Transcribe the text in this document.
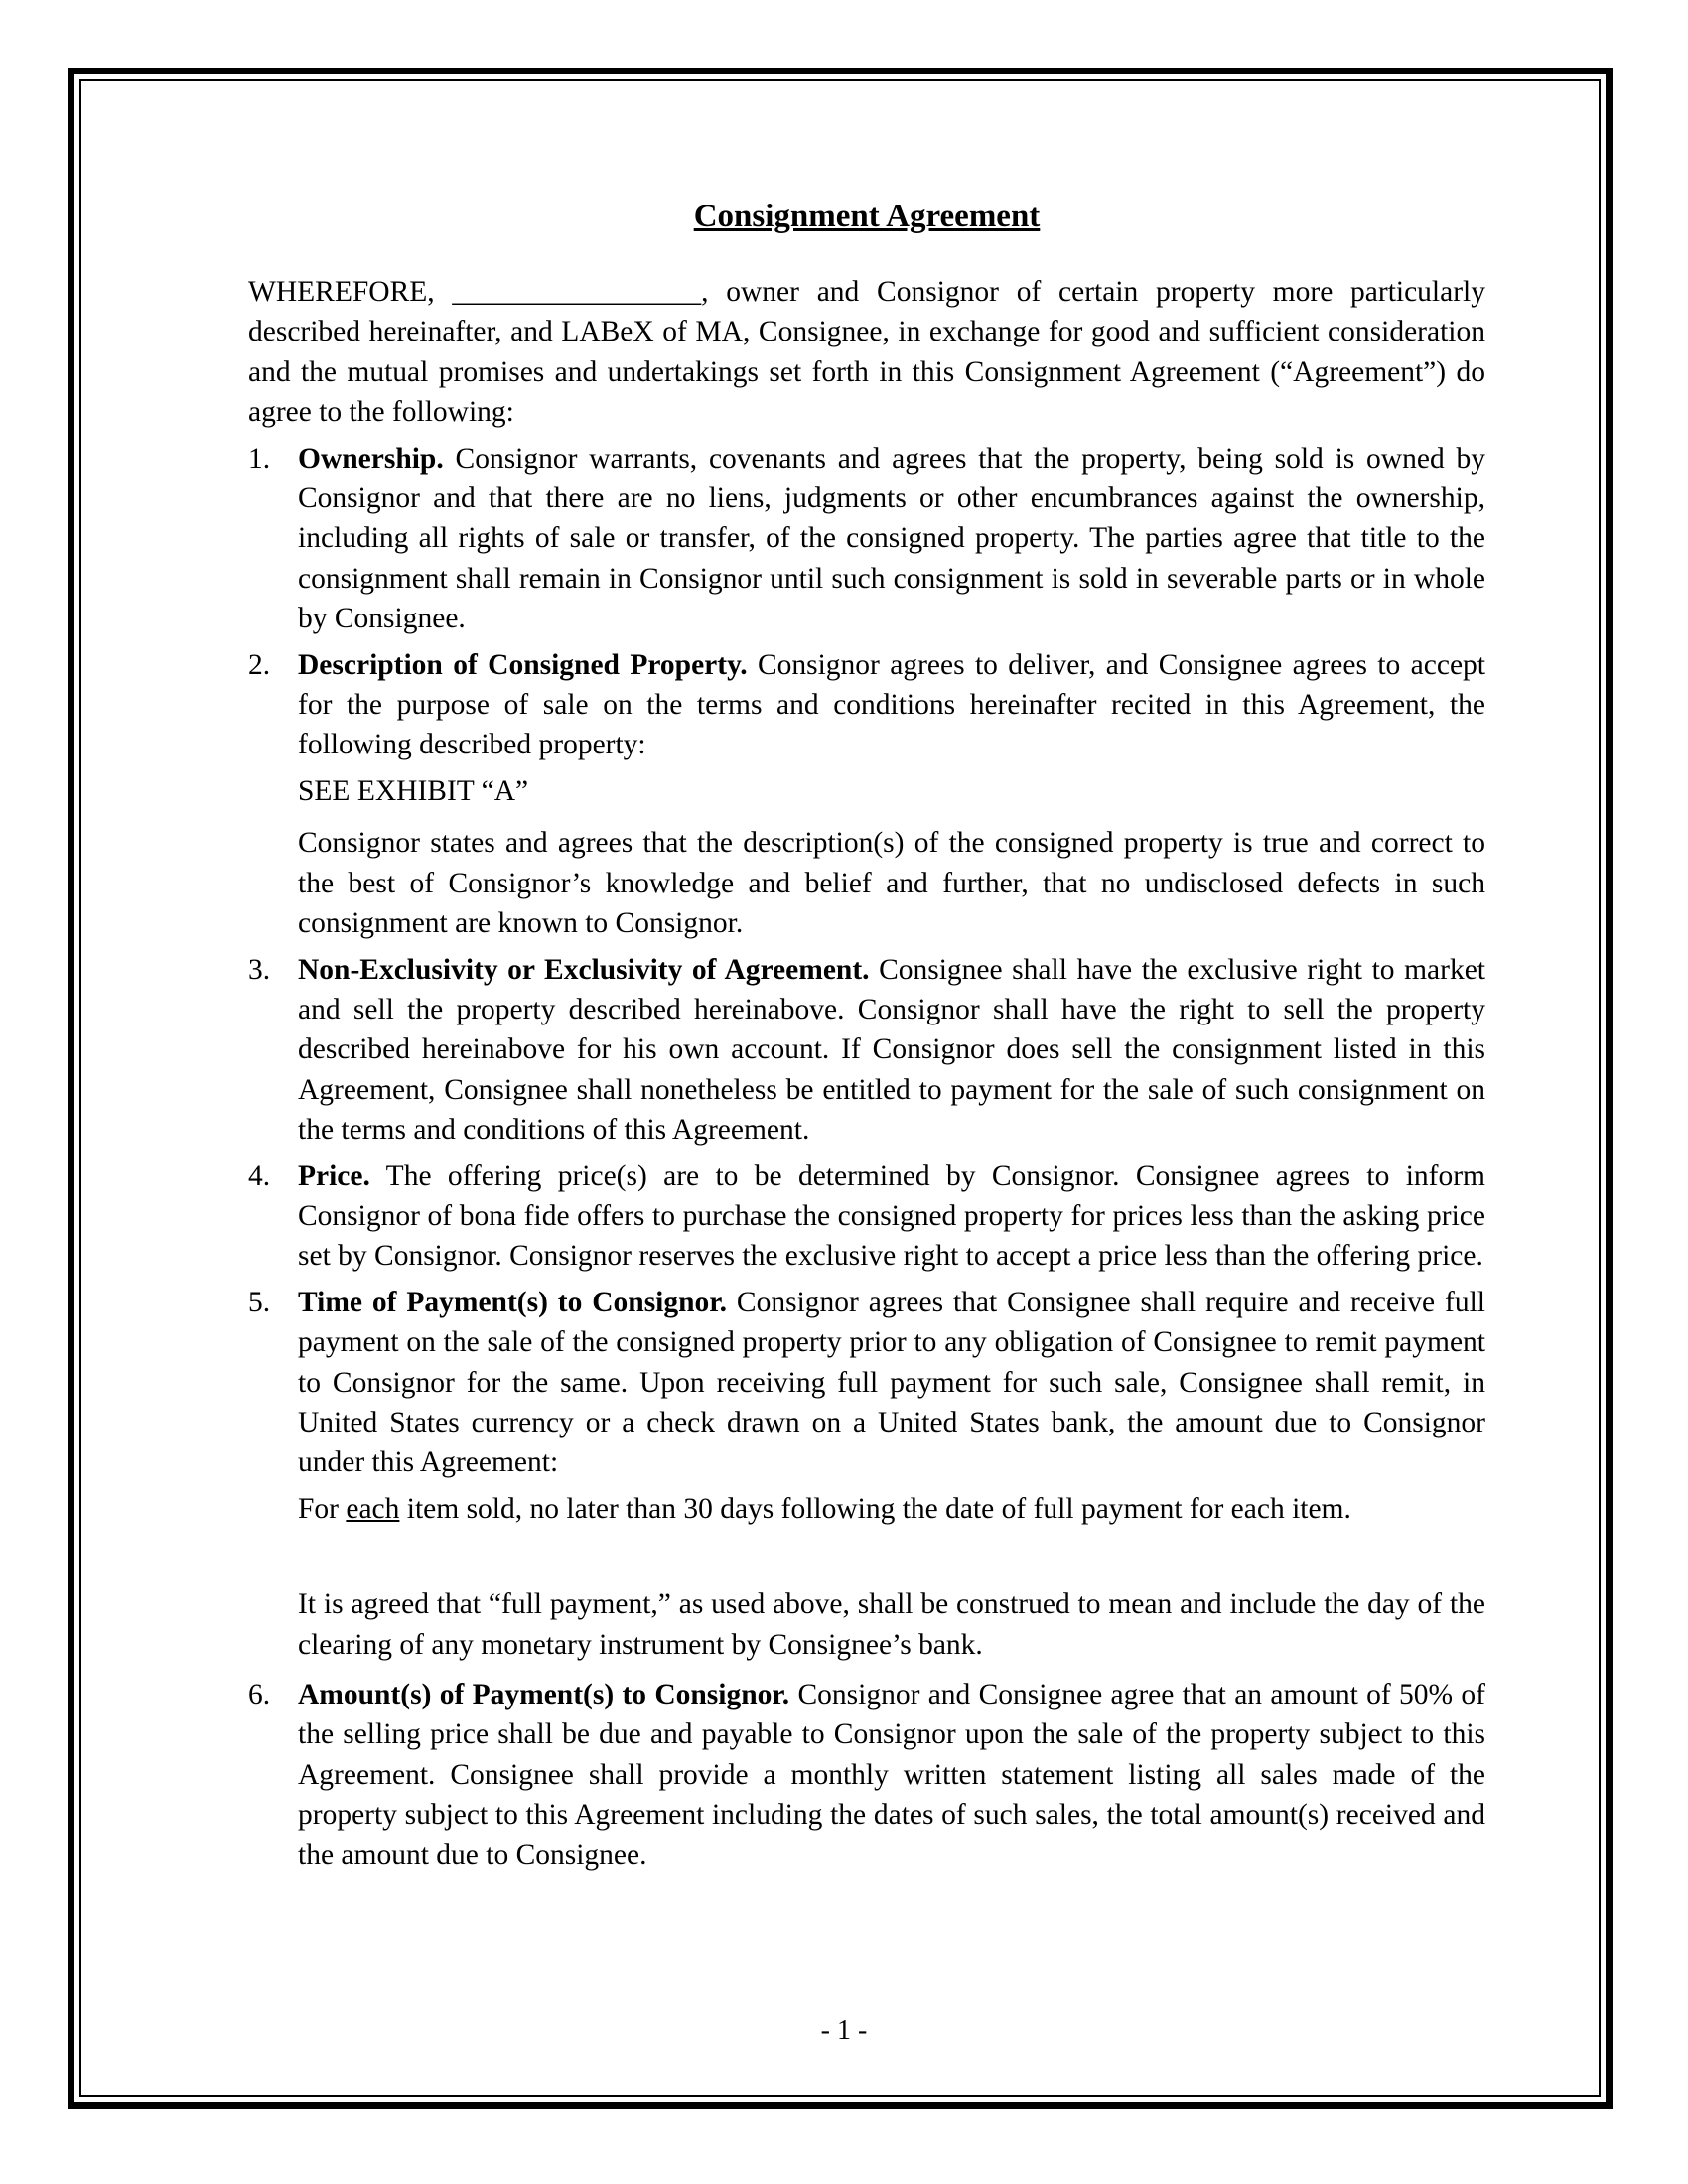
Consignment Agreement

WHEREFORE, _________________, owner and Consignor of certain property more particularly described hereinafter, and LABeX of MA, Consignee, in exchange for good and sufficient consideration and the mutual promises and undertakings set forth in this Consignment Agreement (“Agreement”) do agree to the following:

1. Ownership. Consignor warrants, covenants and agrees that the property, being sold is owned by Consignor and that there are no liens, judgments or other encumbrances against the ownership, including all rights of sale or transfer, of the consigned property. The parties agree that title to the consignment shall remain in Consignor until such consignment is sold in severable parts or in whole by Consignee.

2. Description of Consigned Property. Consignor agrees to deliver, and Consignee agrees to accept for the purpose of sale on the terms and conditions hereinafter recited in this Agreement, the following described property:

SEE EXHIBIT “A”

Consignor states and agrees that the description(s) of the consigned property is true and correct to the best of Consignor’s knowledge and belief and further, that no undisclosed defects in such consignment are known to Consignor.

3. Non-Exclusivity or Exclusivity of Agreement. Consignee shall have the exclusive right to market and sell the property described hereinabove. Consignor shall have the right to sell the property described hereinabove for his own account. If Consignor does sell the consignment listed in this Agreement, Consignee shall nonetheless be entitled to payment for the sale of such consignment on the terms and conditions of this Agreement.

4. Price. The offering price(s) are to be determined by Consignor. Consignee agrees to inform Consignor of bona fide offers to purchase the consigned property for prices less than the asking price set by Consignor. Consignor reserves the exclusive right to accept a price less than the offering price.

5. Time of Payment(s) to Consignor. Consignor agrees that Consignee shall require and receive full payment on the sale of the consigned property prior to any obligation of Consignee to remit payment to Consignor for the same. Upon receiving full payment for such sale, Consignee shall remit, in United States currency or a check drawn on a United States bank, the amount due to Consignor under this Agreement:

For each item sold, no later than 30 days following the date of full payment for each item.

It is agreed that “full payment,” as used above, shall be construed to mean and include the day of the clearing of any monetary instrument by Consignee’s bank.

6. Amount(s) of Payment(s) to Consignor. Consignor and Consignee agree that an amount of 50% of the selling price shall be due and payable to Consignor upon the sale of the property subject to this Agreement. Consignee shall provide a monthly written statement listing all sales made of the property subject to this Agreement including the dates of such sales, the total amount(s) received and the amount due to Consignee.

- 1 -
